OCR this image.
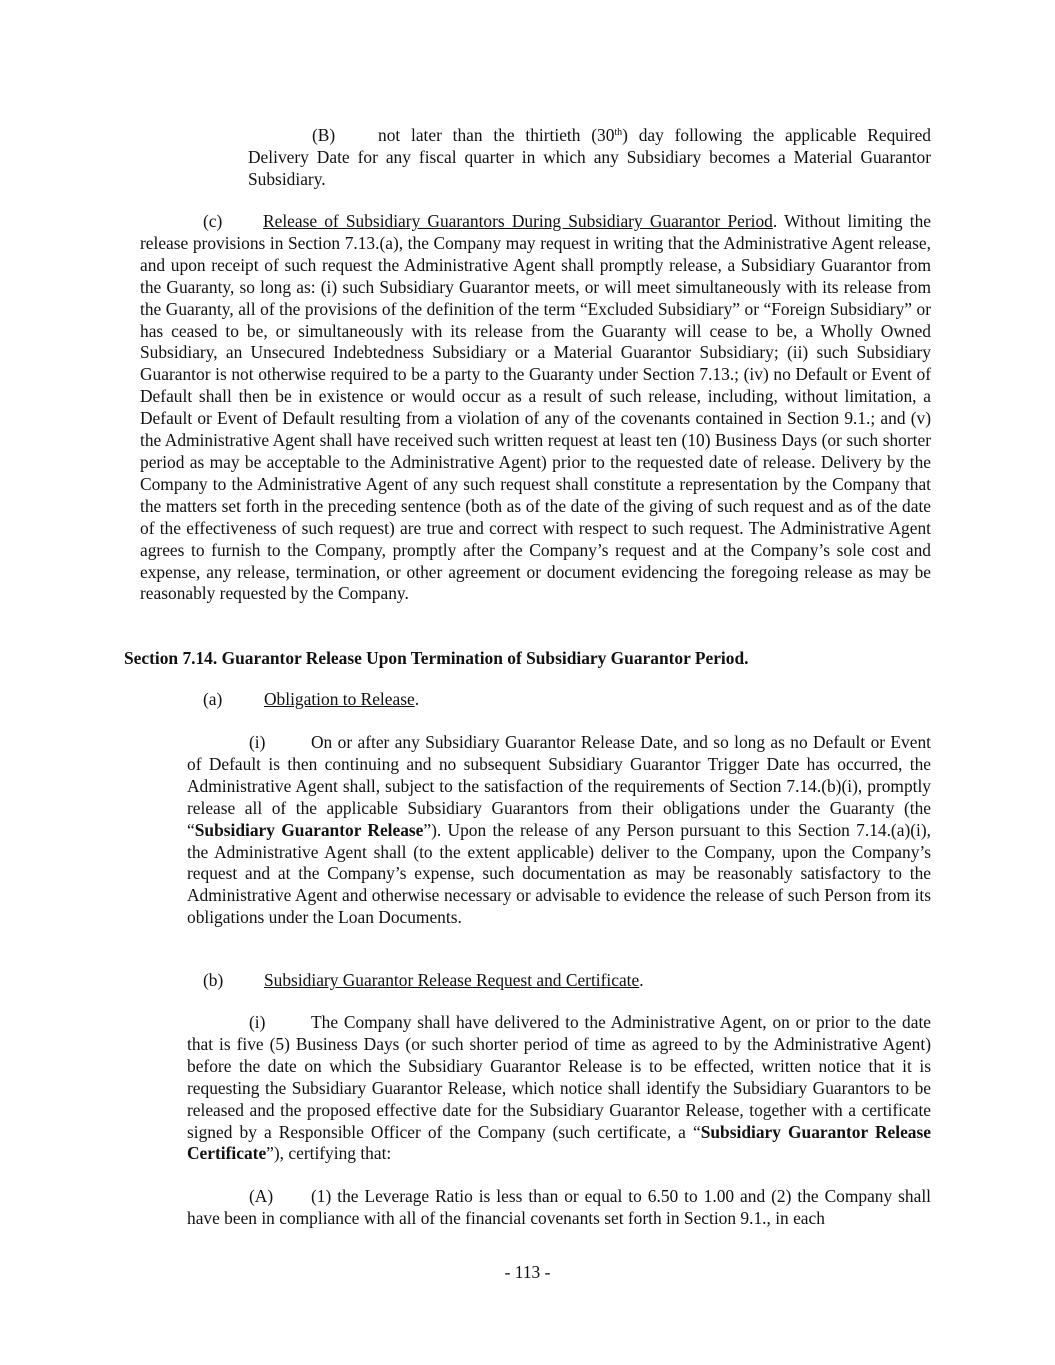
(B) not later than the thirtieth (30th) day following the applicable Required Delivery Date for any fiscal quarter in which any Subsidiary becomes a Material Guarantor Subsidiary.

(c) Release of Subsidiary Guarantors During Subsidiary Guarantor Period. Without limiting the release provisions in Section 7.13.(a), the Company may request in writing that the Administrative Agent release, and upon receipt of such request the Administrative Agent shall promptly release, a Subsidiary Guarantor from the Guaranty, so long as: (i) such Subsidiary Guarantor meets, or will meet simultaneously with its release from the Guaranty, all of the provisions of the definition of the term “Excluded Subsidiary” or “Foreign Subsidiary” or has ceased to be, or simultaneously with its release from the Guaranty will cease to be, a Wholly Owned Subsidiary, an Unsecured Indebtedness Subsidiary or a Material Guarantor Subsidiary; (ii) such Subsidiary Guarantor is not otherwise required to be a party to the Guaranty under Section 7.13.; (iv) no Default or Event of Default shall then be in existence or would occur as a result of such release, including, without limitation, a Default or Event of Default resulting from a violation of any of the covenants contained in Section 9.1.; and (v) the Administrative Agent shall have received such written request at least ten (10) Business Days (or such shorter period as may be acceptable to the Administrative Agent) prior to the requested date of release. Delivery by the Company to the Administrative Agent of any such request shall constitute a representation by the Company that the matters set forth in the preceding sentence (both as of the date of the giving of such request and as of the date of the effectiveness of such request) are true and correct with respect to such request. The Administrative Agent agrees to furnish to the Company, promptly after the Company’s request and at the Company’s sole cost and expense, any release, termination, or other agreement or document evidencing the foregoing release as may be reasonably requested by the Company.

Section 7.14. Guarantor Release Upon Termination of Subsidiary Guarantor Period.

(a) Obligation to Release.

(i)	On or after any Subsidiary Guarantor Release Date, and so long as no Default or Event of Default is then continuing and no subsequent Subsidiary Guarantor Trigger Date has occurred, the Administrative Agent shall, subject to the satisfaction of the requirements of Section 7.14.(b)(i), promptly release all of the applicable Subsidiary Guarantors from their obligations under the Guaranty (the “Subsidiary Guarantor Release”). Upon the release of any Person pursuant to this Section 7.14.(a)(i), the Administrative Agent shall (to the extent applicable) deliver to the Company, upon the Company’s request and at the Company’s expense, such documentation as may be reasonably satisfactory to the Administrative Agent and otherwise necessary or advisable to evidence the release of such Person from its obligations under the Loan Documents.

(b) Subsidiary Guarantor Release Request and Certificate.

(i)	The Company shall have delivered to the Administrative Agent, on or prior to the date that is five (5) Business Days (or such shorter period of time as agreed to by the Administrative Agent) before the date on which the Subsidiary Guarantor Release is to be effected, written notice that it is requesting the Subsidiary Guarantor Release, which notice shall identify the Subsidiary Guarantors to be released and the proposed effective date for the Subsidiary Guarantor Release, together with a certificate signed by a Responsible Officer of the Company (such certificate, a “Subsidiary Guarantor Release Certificate”), certifying that:

(A) (1) the Leverage Ratio is less than or equal to 6.50 to 1.00 and (2) the Company shall have been in compliance with all of the financial covenants set forth in Section 9.1., in each

- 113 -
